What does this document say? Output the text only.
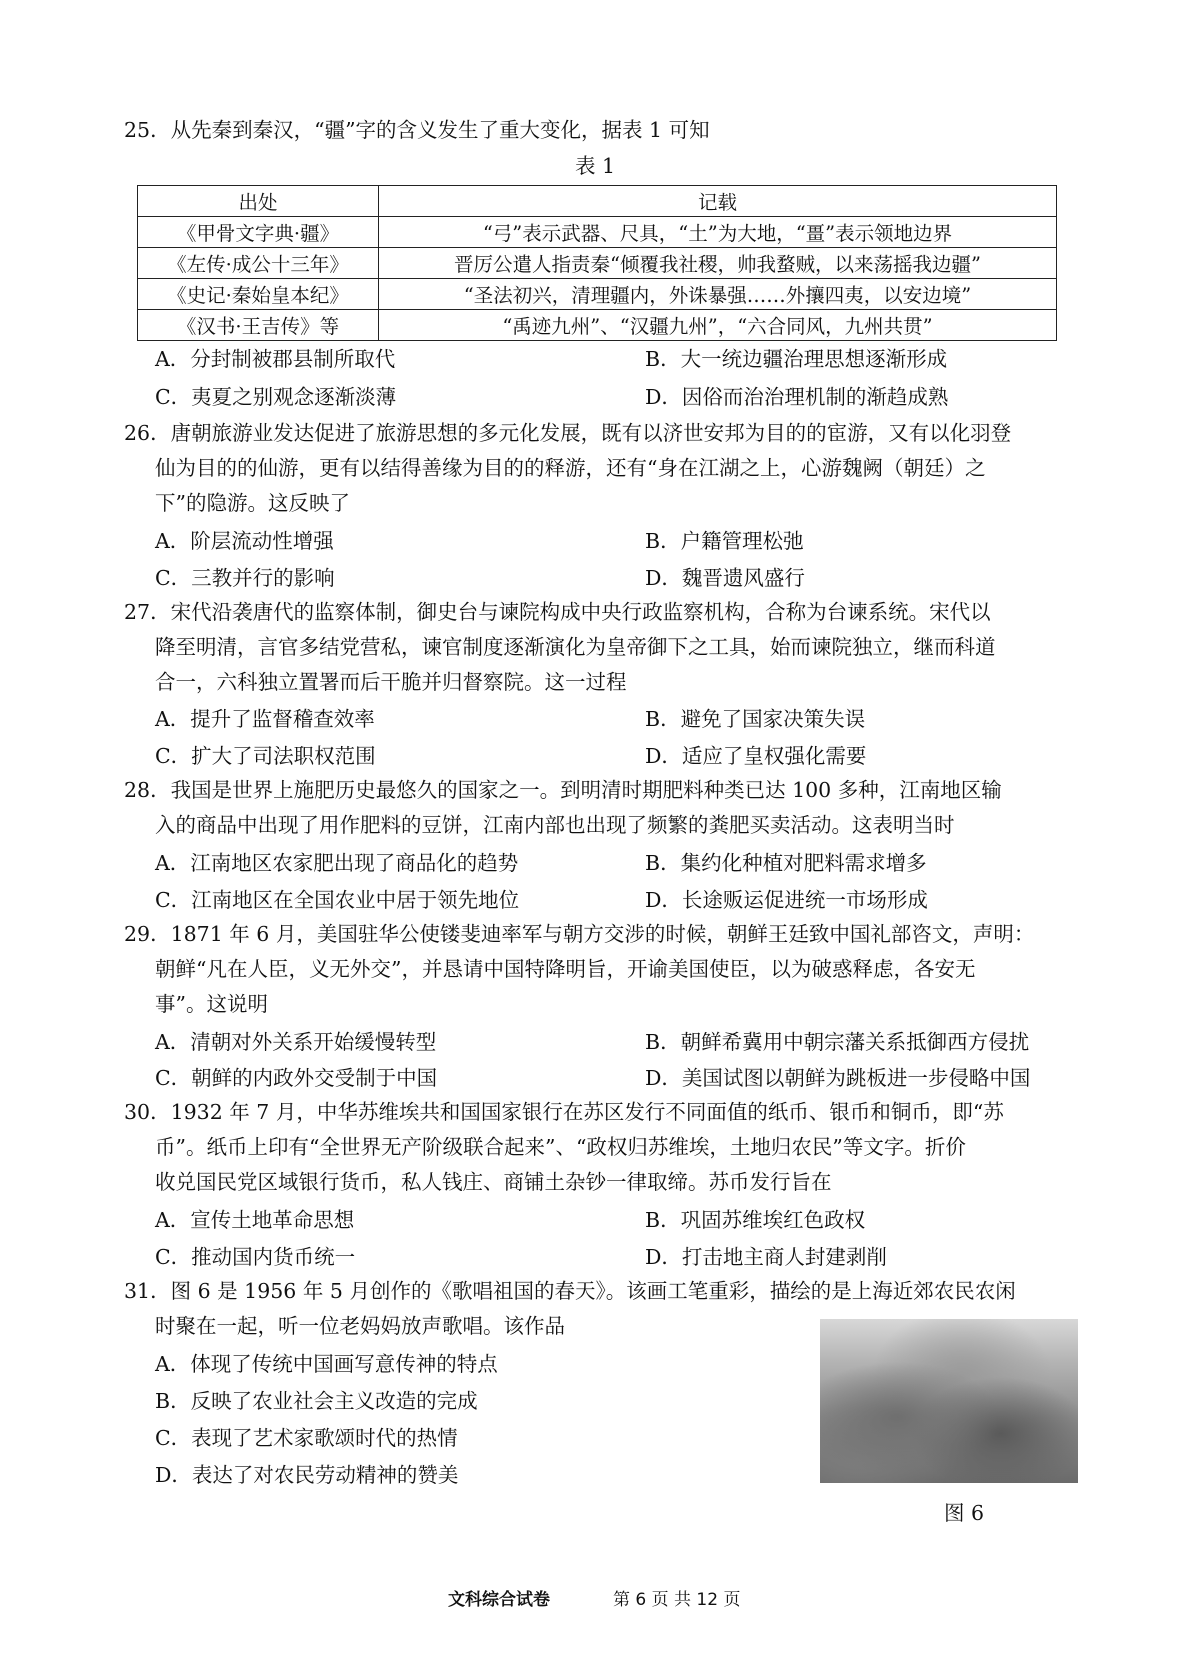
25．从先秦到秦汉，“疆”字的含义发生了重大变化，据表 1 可知
表 1
出处	记载
《甲骨文字典·疆》	“弓”表示武器、尺具，“土”为大地，“畺”表示领地边界
《左传·成公十三年》	晋厉公遣人指责秦“倾覆我社稷，帅我蝥贼，以来荡摇我边疆”
《史记·秦始皇本纪》	“圣法初兴，清理疆内，外诛暴强……外攘四夷，以安边境”
《汉书·王吉传》等	“禹迹九州”、“汉疆九州”，“六合同风，九州共贯”
A．分封制被郡县制所取代	B．大一统边疆治理思想逐渐形成
C．夷夏之别观念逐渐淡薄	D．因俗而治治理机制的渐趋成熟
26．唐朝旅游业发达促进了旅游思想的多元化发展，既有以济世安邦为目的的宦游，又有以化羽登
仙为目的的仙游，更有以结得善缘为目的的释游，还有“身在江湖之上，心游魏阙（朝廷）之
下”的隐游。这反映了
A．阶层流动性增强	B．户籍管理松弛
C．三教并行的影响	D．魏晋遗风盛行
27．宋代沿袭唐代的监察体制，御史台与谏院构成中央行政监察机构，合称为台谏系统。宋代以
降至明清，言官多结党营私，谏官制度逐渐演化为皇帝御下之工具，始而谏院独立，继而科道
合一，六科独立置署而后干脆并归督察院。这一过程
A．提升了监督稽查效率	B．避免了国家决策失误
C．扩大了司法职权范围	D．适应了皇权强化需要
28．我国是世界上施肥历史最悠久的国家之一。到明清时期肥料种类已达 100 多种，江南地区输
入的商品中出现了用作肥料的豆饼，江南内部也出现了频繁的粪肥买卖活动。这表明当时
A．江南地区农家肥出现了商品化的趋势	B．集约化种植对肥料需求增多
C．江南地区在全国农业中居于领先地位	D．长途贩运促进统一市场形成
29．1871 年 6 月，美国驻华公使镂斐迪率军与朝方交涉的时候，朝鲜王廷致中国礼部咨文，声明：
朝鲜“凡在人臣，义无外交”，并恳请中国特降明旨，开谕美国使臣，以为破惑释虑，各安无
事”。这说明
A．清朝对外关系开始缓慢转型	B．朝鲜希冀用中朝宗藩关系抵御西方侵扰
C．朝鲜的内政外交受制于中国	D．美国试图以朝鲜为跳板进一步侵略中国
30．1932 年 7 月，中华苏维埃共和国国家银行在苏区发行不同面值的纸币、银币和铜币，即“苏
币”。纸币上印有“全世界无产阶级联合起来”、“政权归苏维埃，土地归农民”等文字。折价
收兑国民党区域银行货币，私人钱庄、商铺土杂钞一律取缔。苏币发行旨在
A．宣传土地革命思想	B．巩固苏维埃红色政权
C．推动国内货币统一	D．打击地主商人封建剥削
31．图 6 是 1956 年 5 月创作的《歌唱祖国的春天》。该画工笔重彩，描绘的是上海近郊农民农闲
时聚在一起，听一位老妈妈放声歌唱。该作品
A．体现了传统中国画写意传神的特点
B．反映了农业社会主义改造的完成
C．表现了艺术家歌颂时代的热情
D．表达了对农民劳动精神的赞美
图 6
文科综合试卷	第 6 页 共 12 页
